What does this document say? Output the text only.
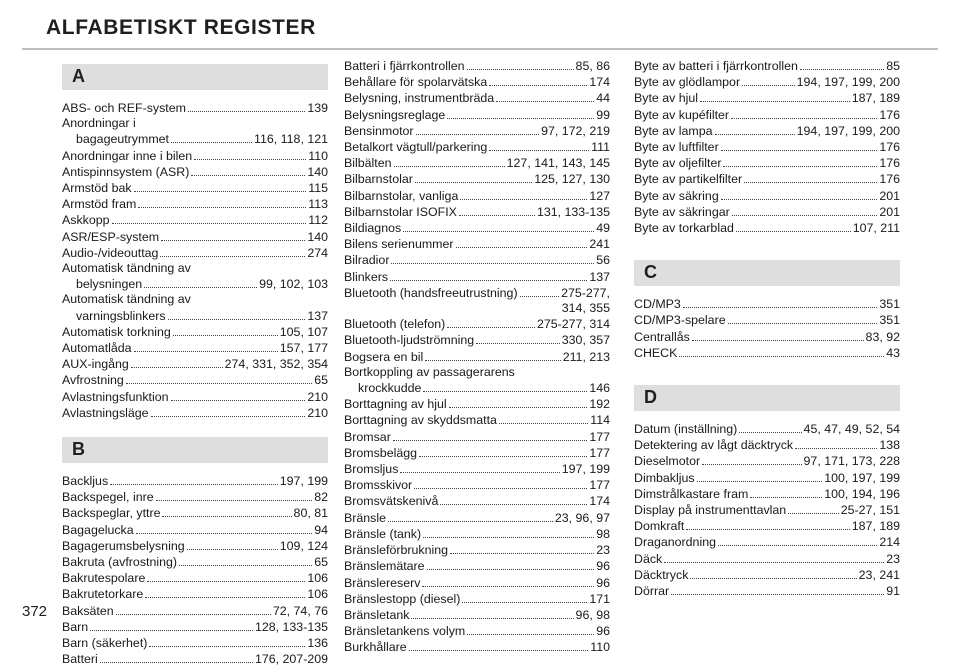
ALFABETISKT REGISTER
A
ABS- och REF-system	139
Anordningar i
bagageutrymmet	116, 118, 121
Anordningar inne i bilen	110
Antispinnsystem (ASR)	140
Armstöd bak	115
Armstöd fram	113
Askkopp	112
ASR/ESP-system	140
Audio-/videouttag	274
Automatisk tändning av
belysningen	99, 102, 103
Automatisk tändning av
varningsblinkers	137
Automatisk torkning	105, 107
Automatlåda	157, 177
AUX-ingång	274, 331, 352, 354
Avfrostning	65
Avlastningsfunktion	210
Avlastningsläge	210
B
Backljus	197, 199
Backspegel, inre	82
Backspeglar, yttre	80, 81
Bagagelucka	94
Bagagerumsbelysning	109, 124
Bakruta (avfrostning)	65
Bakrutespolare	106
Bakrutetorkare	106
Baksäten	72, 74, 76
Barn	128, 133-135
Barn (säkerhet)	136
Batteri	176, 207-209
Batteri i fjärrkontrollen	85, 86
Behållare för spolarvätska	174
Belysning, instrumentbräda	44
Belysningsreglage	99
Bensinmotor	97, 172, 219
Betalkort vägtull/parkering	111
Bilbälten	127, 141, 143, 145
Bilbarnstolar	125, 127, 130
Bilbarnstolar, vanliga	127
Bilbarnstolar ISOFIX	131, 133-135
Bildiagnos	49
Bilens serienummer	241
Bilradior	56
Blinkers	137
Bluetooth (handsfreeutrustning)	275-277,
314, 355
Bluetooth (telefon)	275-277, 314
Bluetooth-ljudströmning	330, 357
Bogsera en bil	211, 213
Bortkoppling av passagerarens
krockkudde	146
Borttagning av hjul	192
Borttagning av skyddsmatta	114
Bromsar	177
Bromsbelägg	177
Bromsljus	197, 199
Bromsskivor	177
Bromsvätskenivå	174
Bränsle	23, 96, 97
Bränsle (tank)	98
Bränsleförbrukning	23
Bränslemätare	96
Bränslereserv	96
Bränslestopp (diesel)	171
Bränsletank	96, 98
Bränsletankens volym	96
Burkhållare	110
Byte av batteri i fjärrkontrollen	85
Byte av glödlampor	194, 197, 199, 200
Byte av hjul	187, 189
Byte av kupéfilter	176
Byte av lampa	194, 197, 199, 200
Byte av luftfilter	176
Byte av oljefilter	176
Byte av partikelfilter	176
Byte av säkring	201
Byte av säkringar	201
Byte av torkarblad	107, 211
C
CD/MP3	351
CD/MP3-spelare	351
Centrallås	83, 92
CHECK	43
D
Datum (inställning)	45, 47, 49, 52, 54
Detektering av lågt däcktryck	138
Dieselmotor	97, 171, 173, 228
Dimbakljus	100, 197, 199
Dimstrålkastare fram	100, 194, 196
Display på instrumenttavlan	25-27, 151
Domkraft	187, 189
Draganordning	214
Däck	23
Däcktryck	23, 241
Dörrar	91
372
